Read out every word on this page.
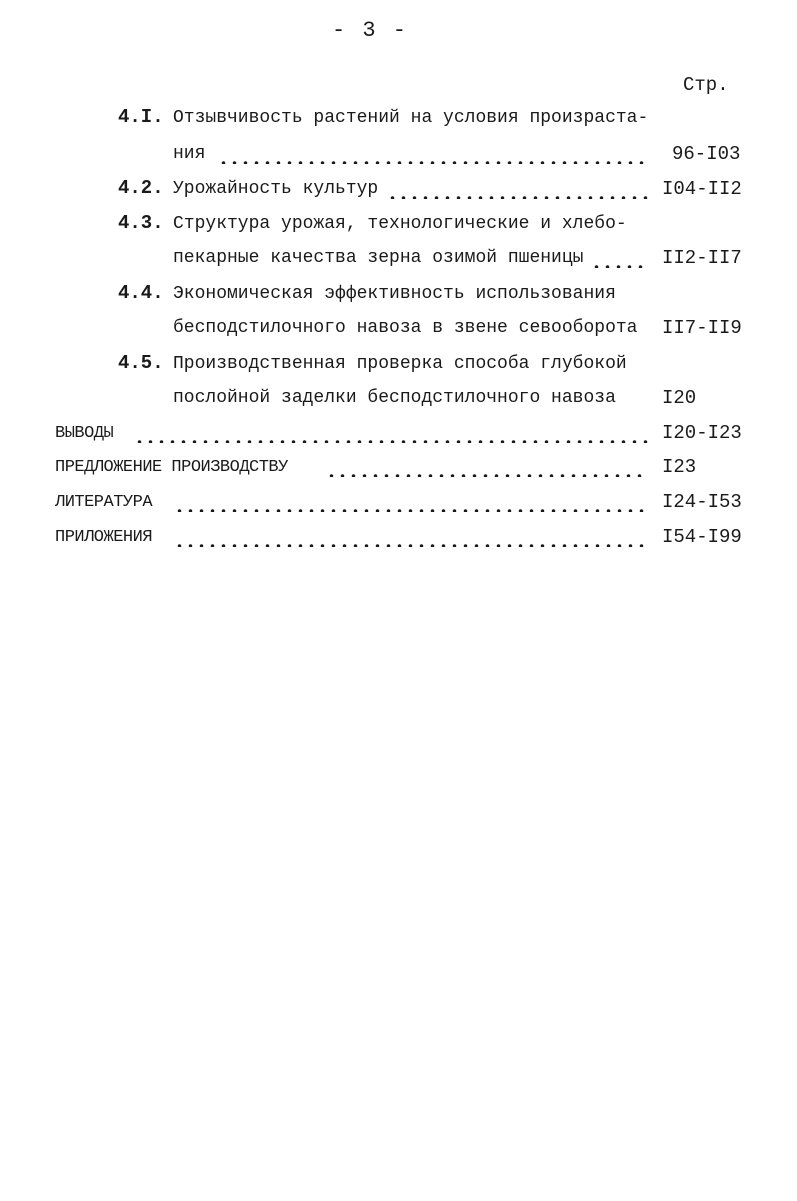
- 3 -
Стр.
4.I. Отзывчивость растений на условия произраста-
ния	96-I03
4.2. Урожайность культур	I04-II2
4.3. Структура урожая, технологические и хлебо-
пекарные качества зерна озимой пшеницы	II2-II7
4.4. Экономическая эффективность использования
бесподстилочного навоза в звене севооборота II7-II9
4.5. Производственная проверка способа глубокой
послойной заделки бесподстилочного навоза I20
ВЫВОДЫ	I20-I23
ПРЕДЛОЖЕНИЕ ПРОИЗВОДСТВУ	I23
ЛИТЕРАТУРА	I24-I53
ПРИЛОЖЕНИЯ	I54-I99
